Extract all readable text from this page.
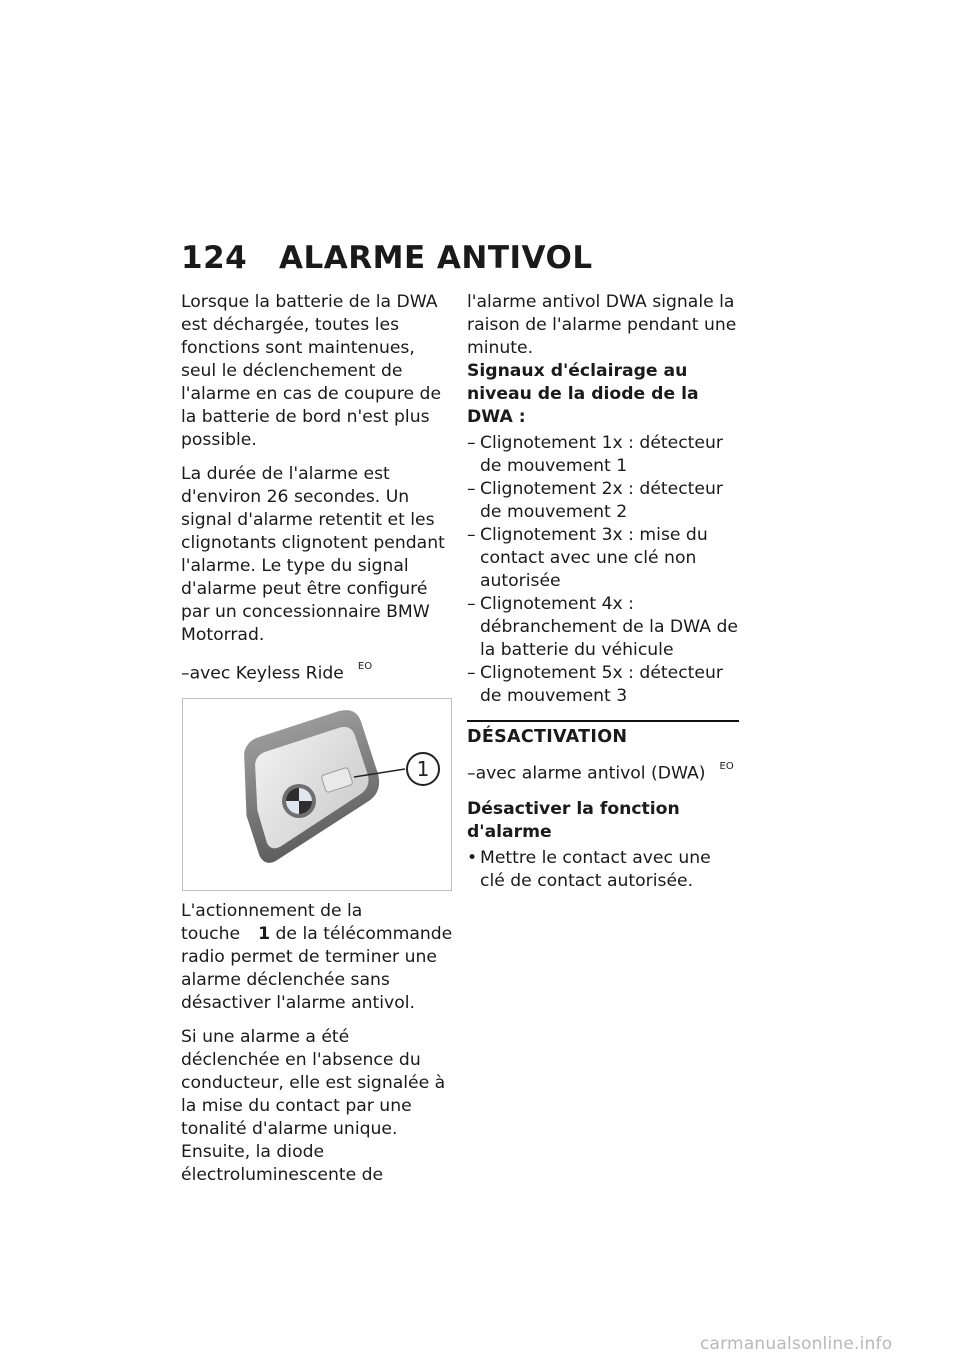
124 ALARME ANTIVOL

Lorsque la batterie de la DWA est déchargée, toutes les fonctions sont maintenues, seul le déclenchement de l'alarme en cas de coupure de la batterie de bord n'est plus possible.

La durée de l'alarme est d'environ 26 secondes. Un signal d'alarme retentit et les clignotants clignotent pendant l'alarme. Le type du signal d'alarme peut être configuré par un concessionnaire BMW Motorrad.

–avec Keyless Ride $^{EO}$
1

L'actionnement de la touche 1 de la télécommande radio permet de terminer une alarme déclenchée sans désactiver l'alarme antivol.

Si une alarme a été déclenchée en l'absence du conducteur, elle est signalée à la mise du contact par une tonalité d'alarme unique. Ensuite, la diode électroluminescente de

l'alarme antivol DWA signale la raison de l'alarme pendant une minute.

Signaux d'éclairage au niveau de la diode de la DWA :
– Clignotement 1x : détecteur de mouvement 1
– Clignotement 2x : détecteur de mouvement 2
– Clignotement 3x : mise du contact avec une clé non autorisée
– Clignotement 4x : débranchement de la DWA de la batterie du véhicule
– Clignotement 5x : détecteur de mouvement 3
DÉSACTIVATION
–avec alarme antivol (DWA) $^{EO}$
Désactiver la fonction d'alarme
• Mettre le contact avec une clé de contact autorisée.
carmanualsonline.info
